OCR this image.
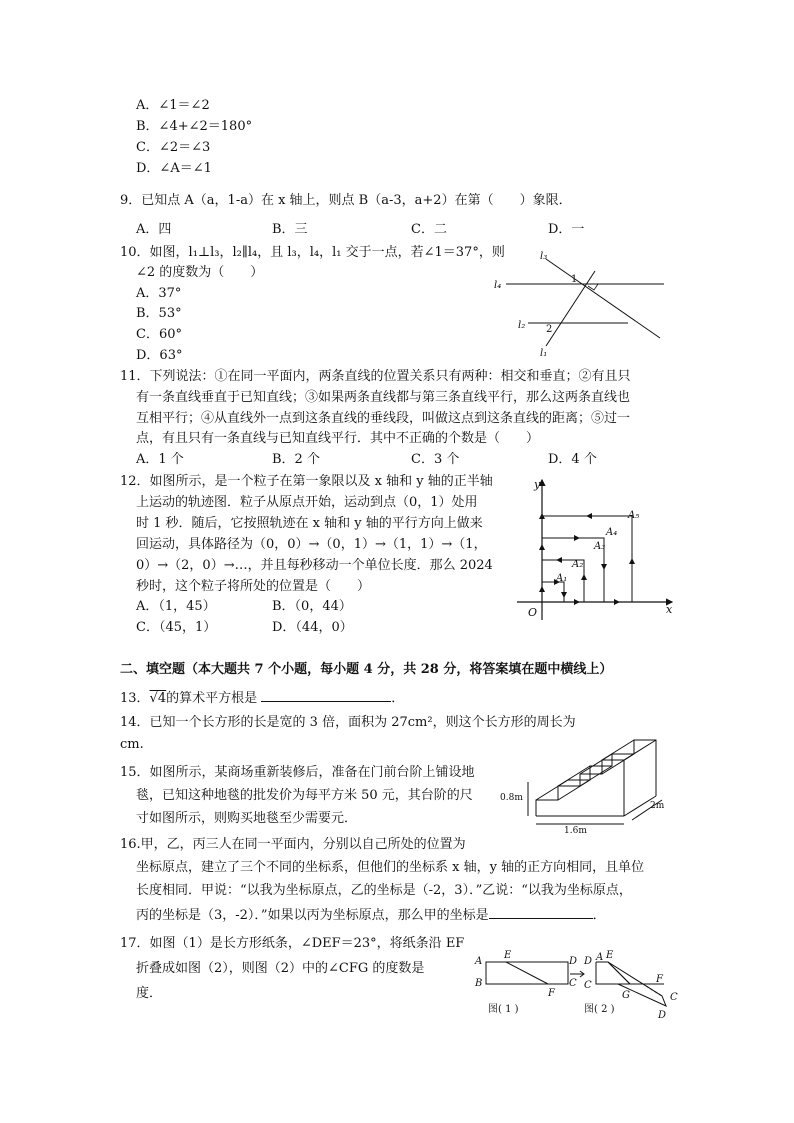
A．∠1＝∠2
B．∠4+∠2＝180°
C．∠2＝∠3
D．∠A＝∠1
9．已知点 A（a，1-a）在 x 轴上，则点 B（a-3，a+2）在第（　　）象限．
A．四	B．三	C．二	D．一
10．如图，l₁⊥l₃，l₂∥l₄，且 l₃，l₄，l₁ 交于一点，若∠1＝37°，则
∠2 的度数为（　　）
A．37°
B．53°
C．60°
D．63°
l₃
l₄
l₂
l₁
1
2
11．下列说法：①在同一平面内，两条直线的位置关系只有两种：相交和垂直；②有且只
有一条直线垂直于已知直线；③如果两条直线都与第三条直线平行，那么这两条直线也
互相平行；④从直线外一点到这条直线的垂线段，叫做这点到这条直线的距离；⑤过一
点，有且只有一条直线与已知直线平行．其中不正确的个数是（　　）
A．1 个	B．2 个	C．3 个	D．4 个
12．如图所示，是一个粒子在第一象限以及 x 轴和 y 轴的正半轴
上运动的轨迹图．粒子从原点开始，运动到点（0，1）处用
时 1 秒．随后，它按照轨迹在 x 轴和 y 轴的平行方向上做来
回运动，具体路径为（0，0）→（0，1）→（1，1）→（1，
0）→（2，0）→…，并且每秒移动一个单位长度．那么 2024
秒时，这个粒子将所处的位置是（　　）
A．（1，45）	B．（0，44）
C．（45，1）	D．（44，0）
y
x
O
A₁
A₂
A₃
A₄
A₅
二、填空题（本大题共 7 个小题，每小题 4 分，共 28 分，将答案填在题中横线上）
13．√4的算术平方根是	．
14．已知一个长方形的长是宽的 3 倍，面积为 27cm²，则这个长方形的周长为
cm.
15．如图所示，某商场重新装修后，准备在门前台阶上铺设地
毯，已知这种地毯的批发价为每平方米 50 元，其台阶的尺
寸如图所示，则购买地毯至少需要元．
0.8m
1.6m
2m
16.甲，乙，丙三人在同一平面内，分别以自己所处的位置为
坐标原点，建立了三个不同的坐标系，但他们的坐标系 x 轴，y 轴的正方向相同，且单位
长度相同．甲说：“以我为坐标原点，乙的坐标是（-2，3）．”乙说：“以我为坐标原点，
丙的坐标是（3，-2）．”如果以丙为坐标原点，那么甲的坐标是	．
17．如图（1）是长方形纸条，∠DEF＝23°，将纸条沿 EF
折叠成如图（2），则图（2）中的∠CFG 的度数是
度．
A
B
E
D
C
F
D A
C
E
G
F
C
D
图( 1 )	图( 2 )
